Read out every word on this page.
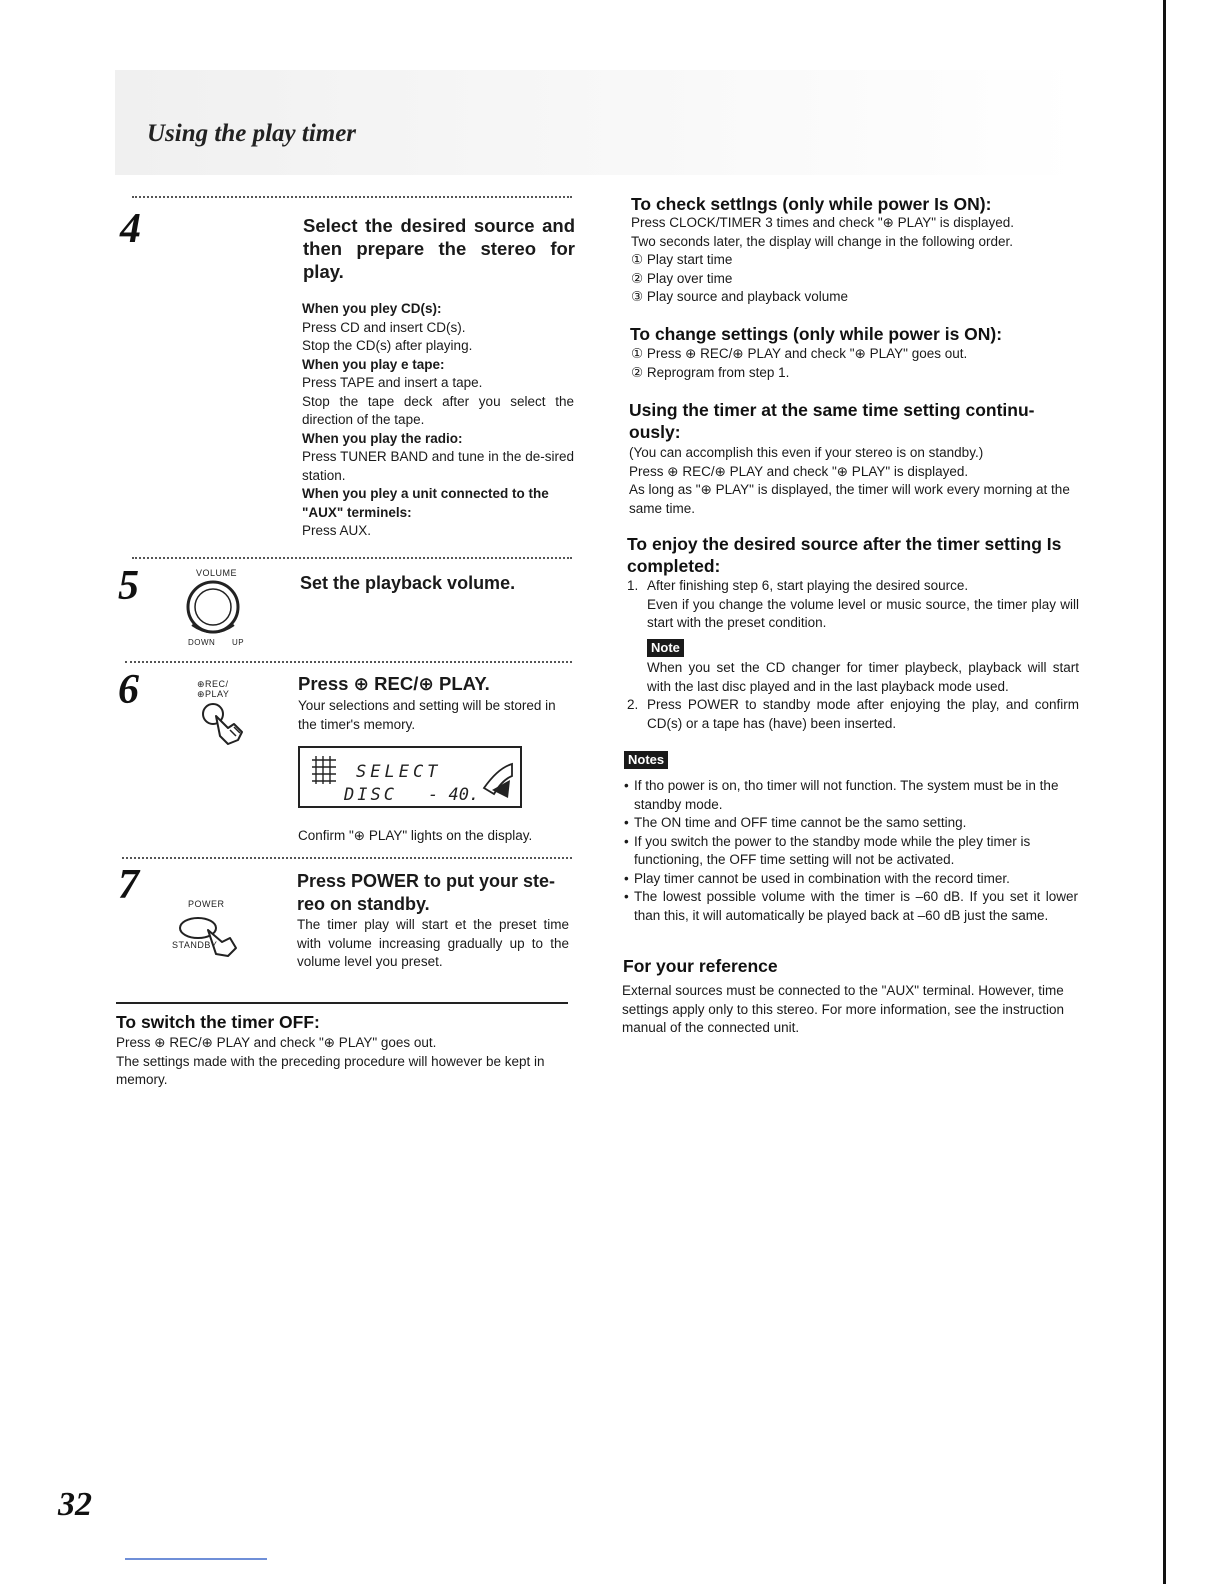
Using the play timer
4	Select the desired source and then prepare the stereo for play.

When you pley CD(s):

Press CD and insert CD(s).

Stop the CD(s) after playing.

When you play e tape:

Press TAPE and insert a tape.

Stop the tape deck after you select the direction of the tape.

When you play the radio:

Press TUNER BAND and tune in the de-sired station.

When you pley a unit connected to the "AUX" terminels:

Press AUX.

5	VOLUME
DOWN UP
Set the playback volume.
6	⊕REC/
⊕PLAY	Press ⊕ REC/⊕ PLAY.
Your selections and setting will be stored in the timer's memory.
SELECT
DISC - 40.
Confirm "⊕ PLAY" lights on the display.
7	POWER
STANDBY
Press POWER to put your ste-reo on standby.
The timer play will start et the preset time with volume increasing gradually up to the volume level you preset.
To switch the timer OFF:

Press ⊕ REC/⊕ PLAY and check "⊕ PLAY" goes out.

The settings made with the preceding procedure will however be kept in memory.

To check settlngs (only while power Is ON):

Press CLOCK/TIMER 3 times and check "⊕ PLAY" is displayed.

Two seconds later, the display will change in the following order.

① Play start time

② Play over time

③ Play source and playback volume

To change settings (only while power is ON):

① Press ⊕ REC/⊕ PLAY and check "⊕ PLAY" goes out.

② Reprogram from step 1.

Using the timer at the same time setting continu-ously:

(You can accomplish this even if your stereo is on standby.)

Press ⊕ REC/⊕ PLAY and check "⊕ PLAY" is displayed.

As long as "⊕ PLAY" is displayed, the timer will work every morning at the same time.

To enjoy the desired source after the timer setting Is completed:
1. After finishing step 6, start playing the desired source.

Even if you change the volume level or music source, the timer play will start with the preset condition.

Note

When you set the CD changer for timer playbeck, playback will start with the last disc played and in the last playback mode used.

2. Press POWER to standby mode after enjoying the play, and confirm CD(s) or a tape has (have) been inserted.

Notes
• If tho power is on, tho timer will not function. The system must be in the standby mode.
• The ON time and OFF time cannot be the samo setting.
• If you switch the power to the standby mode while the pley timer is functioning, the OFF time setting will not be activated.
• Play timer cannot be used in combination with the record timer.
• The lowest possible volume with the timer is –60 dB. If you set it lower than this, it will automatically be played back at –60 dB just the same.
For your reference
External sources must be connected to the "AUX" terminal. However, time settings apply only to this stereo. For more information, see the instruction manual of the connected unit.
32
